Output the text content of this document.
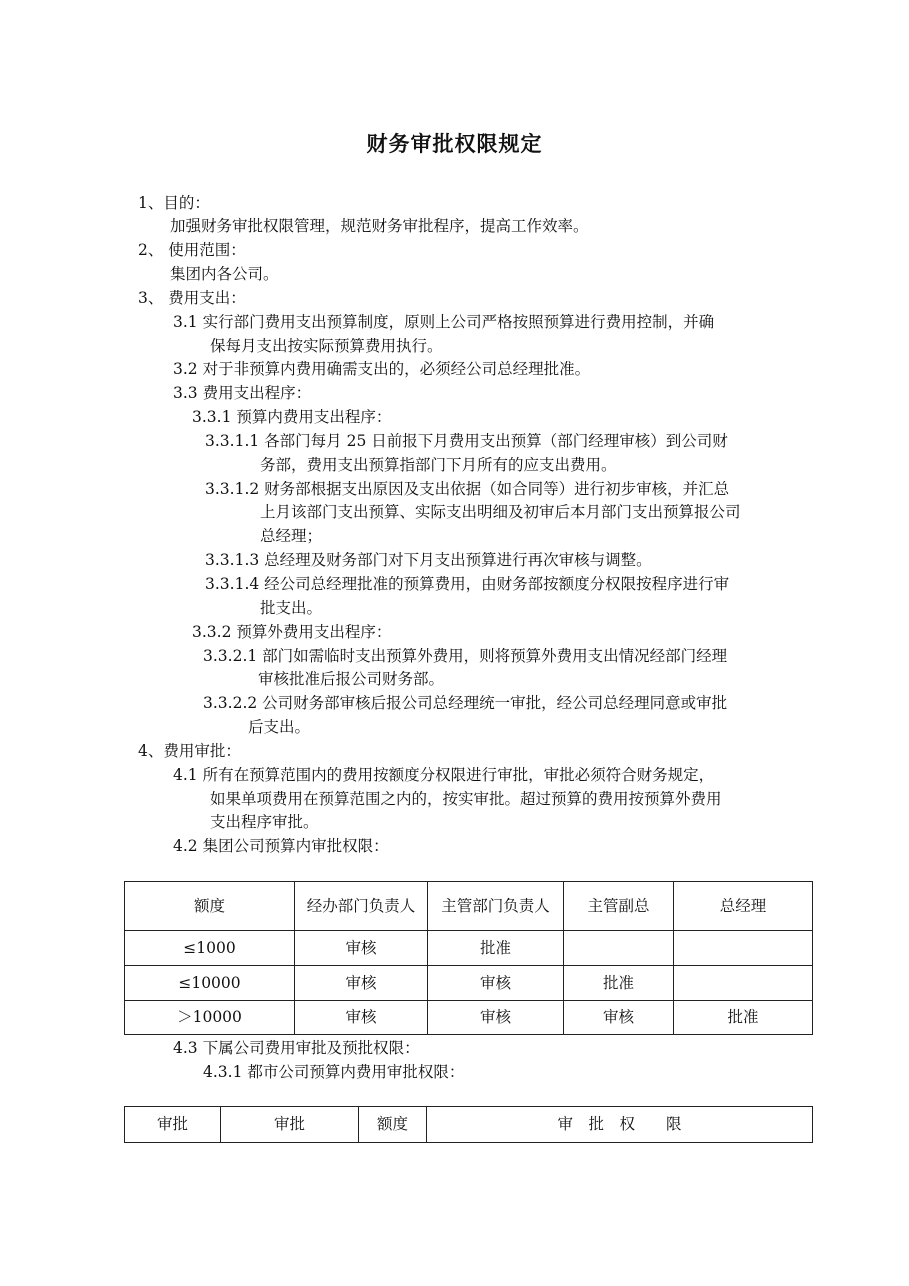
财务审批权限规定
1、目的：
加强财务审批权限管理，规范财务审批程序，提高工作效率。
2、 使用范围：
集团内各公司。
3、 费用支出：
3.1 实行部门费用支出预算制度，原则上公司严格按照预算进行费用控制，并确
保每月支出按实际预算费用执行。
3.2 对于非预算内费用确需支出的，必须经公司总经理批准。
3.3 费用支出程序：
3.3.1 预算内费用支出程序：
3.3.1.1 各部门每月 25 日前报下月费用支出预算（部门经理审核）到公司财
务部，费用支出预算指部门下月所有的应支出费用。
3.3.1.2 财务部根据支出原因及支出依据（如合同等）进行初步审核，并汇总
上月该部门支出预算、实际支出明细及初审后本月部门支出预算报公司
总经理；
3.3.1.3 总经理及财务部门对下月支出预算进行再次审核与调整。
3.3.1.4 经公司总经理批准的预算费用，由财务部按额度分权限按程序进行审
批支出。
3.3.2 预算外费用支出程序：
3.3.2.1 部门如需临时支出预算外费用，则将预算外费用支出情况经部门经理
审核批准后报公司财务部。
3.3.2.2 公司财务部审核后报公司总经理统一审批，经公司总经理同意或审批
后支出。
4、费用审批：
4.1 所有在预算范围内的费用按额度分权限进行审批，审批必须符合财务规定，
如果单项费用在预算范围之内的，按实审批。超过预算的费用按预算外费用
支出程序审批。
4.2 集团公司预算内审批权限：
额度	经办部门负责人	主管部门负责人	主管副总	总经理
≤1000	审核	批准		
≤10000	审核	审核	批准	
＞10000	审核	审核	审核	批准
4.3 下属公司费用审批及预批权限：
4.3.1 都市公司预算内费用审批权限：
审批	审批	额度	审　批　权　　限
